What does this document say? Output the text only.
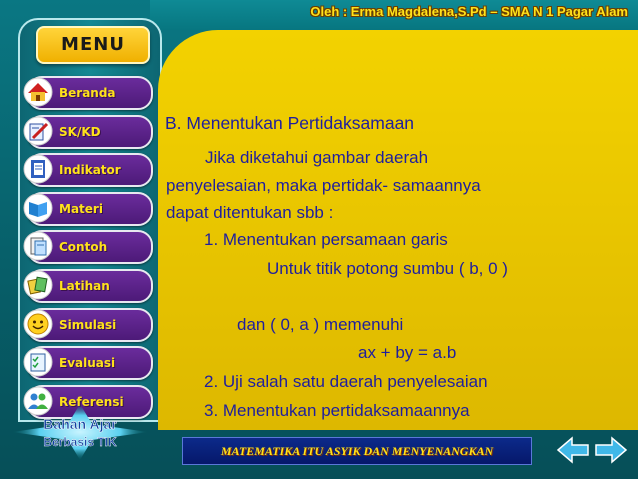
Oleh : Erma Magdalena,S.Pd – SMA N 1 Pagar Alam
MENU
Beranda
SK/KD
Indikator
Materi
Contoh
Latihan
Simulasi
Evaluasi
Referensi
Bahan Ajar
Berbasis TIK
B. Menentukan Pertidaksamaan
Jika diketahui gambar daerah
penyelesaian, maka pertidak- samaannya
dapat ditentukan sbb :
1. Menentukan persamaan garis
Untuk titik potong sumbu ( b, 0 )
dan ( 0, a ) memenuhi
ax + by = a.b
2. Uji salah satu daerah penyelesaian
3. Menentukan pertidaksamaannya
MATEMATIKA ITU ASYIK DAN MENYENANGKAN
